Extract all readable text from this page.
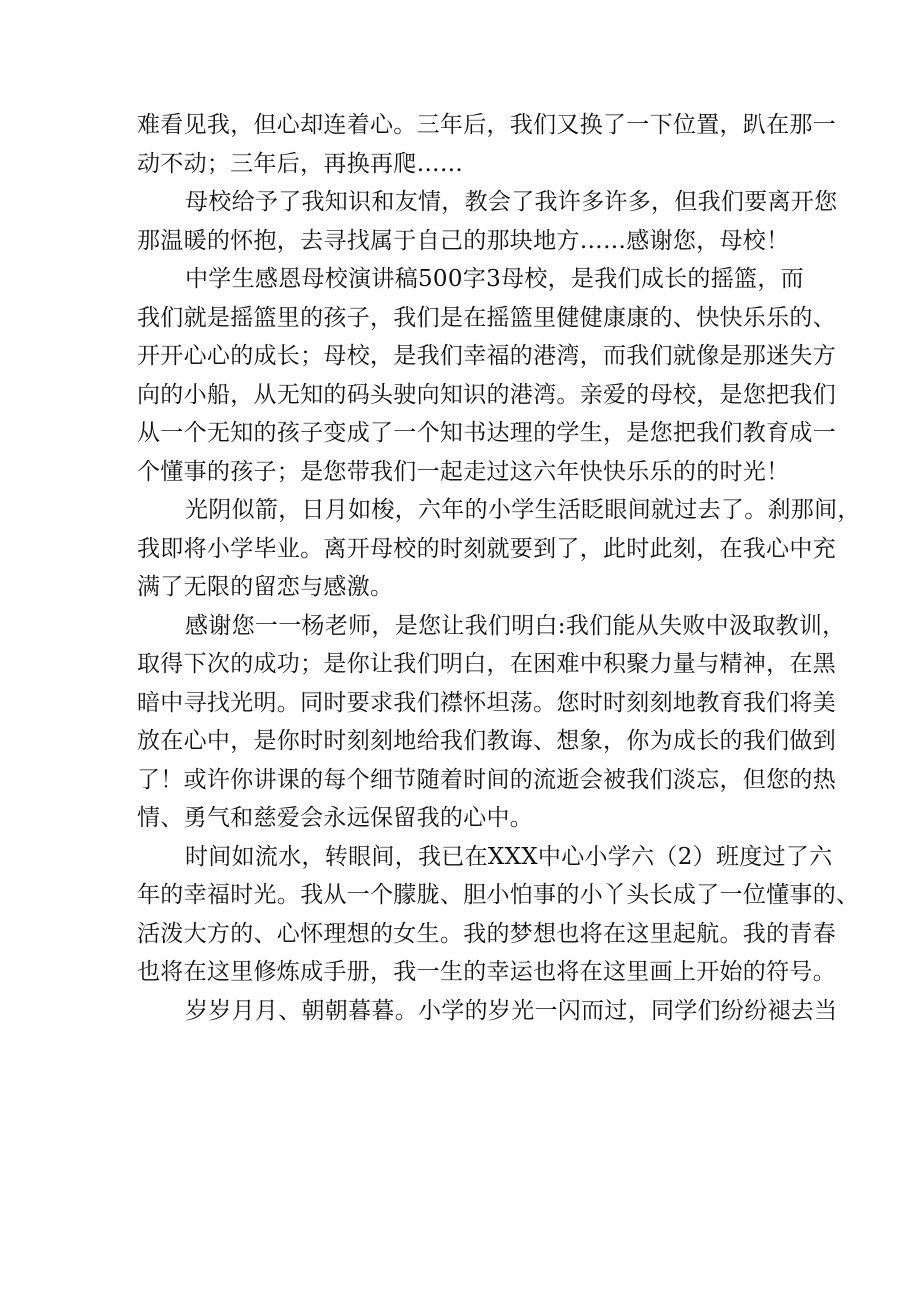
难看见我，但心却连着心。三年后，我们又换了一下位置，趴在那一
动不动；三年后，再换再爬……
母校给予了我知识和友情，教会了我许多许多，但我们要离开您
那温暖的怀抱，去寻找属于自己的那块地方……感谢您，母校！
中学生感恩母校演讲稿500字3母校，是我们成长的摇篮，而
我们就是摇篮里的孩子，我们是在摇篮里健健康康的、快快乐乐的、
开开心心的成长；母校，是我们幸福的港湾，而我们就像是那迷失方
向的小船，从无知的码头驶向知识的港湾。亲爱的母校，是您把我们
从一个无知的孩子变成了一个知书达理的学生，是您把我们教育成一
个懂事的孩子；是您带我们一起走过这六年快快乐乐的的时光！
光阴似箭，日月如梭，六年的小学生活眨眼间就过去了。刹那间，
我即将小学毕业。离开母校的时刻就要到了，此时此刻，在我心中充
满了无限的留恋与感激。
感谢您一一杨老师，是您让我们明白:我们能从失败中汲取教训，
取得下次的成功；是你让我们明白，在困难中积聚力量与精神，在黑
暗中寻找光明。同时要求我们襟怀坦荡。您时时刻刻地教育我们将美
放在心中，是你时时刻刻地给我们教诲、想象，你为成长的我们做到
了！或许你讲课的每个细节随着时间的流逝会被我们淡忘，但您的热
情、勇气和慈爱会永远保留我的心中。
时间如流水，转眼间，我已在XXX中心小学六（2）班度过了六
年的幸福时光。我从一个朦胧、胆小怕事的小丫头长成了一位懂事的、
活泼大方的、心怀理想的女生。我的梦想也将在这里起航。我的青春
也将在这里修炼成手册，我一生的幸运也将在这里画上开始的符号。
岁岁月月、朝朝暮暮。小学的岁光一闪而过，同学们纷纷褪去当
